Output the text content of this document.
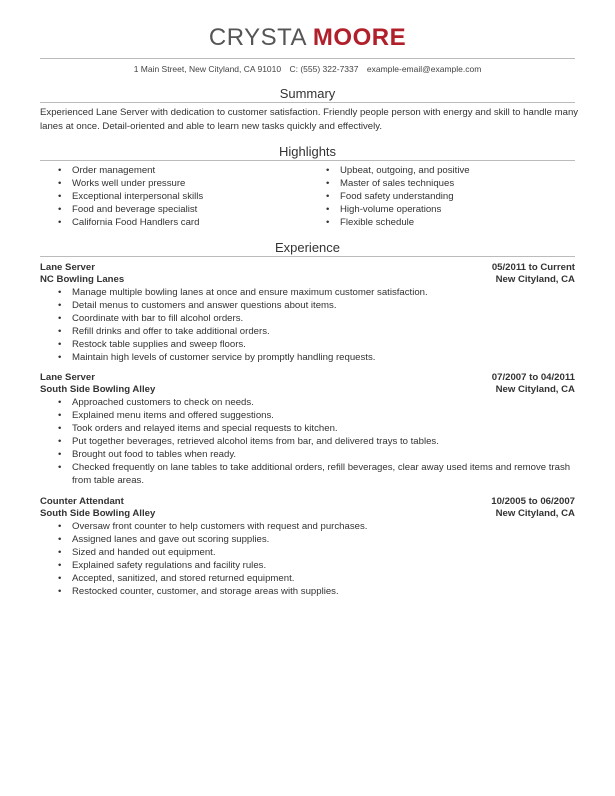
CRYSTA MOORE
1 Main Street, New Cityland, CA 91010 C: (555) 322-7337 example-email@example.com
Summary
Experienced Lane Server with dedication to customer satisfaction. Friendly people person with energy and skill to handle many lanes at once. Detail-oriented and able to learn new tasks quickly and effectively.
Highlights
• Order management
• Works well under pressure
• Exceptional interpersonal skills
• Food and beverage specialist
• California Food Handlers card
• Upbeat, outgoing, and positive
• Master of sales techniques
• Food safety understanding
• High-volume operations
• Flexible schedule
Experience
Lane Server	05/2011 to Current
NC Bowling Lanes	New Cityland, CA
• Manage multiple bowling lanes at once and ensure maximum customer satisfaction.
• Detail menus to customers and answer questions about items.
• Coordinate with bar to fill alcohol orders.
• Refill drinks and offer to take additional orders.
• Restock table supplies and sweep floors.
• Maintain high levels of customer service by promptly handling requests.
Lane Server	07/2007 to 04/2011
South Side Bowling Alley	New Cityland, CA
• Approached customers to check on needs.
• Explained menu items and offered suggestions.
• Took orders and relayed items and special requests to kitchen.
• Put together beverages, retrieved alcohol items from bar, and delivered trays to tables.
• Brought out food to tables when ready.
• Checked frequently on lane tables to take additional orders, refill beverages, clear away used items and remove trash from table areas.
Counter Attendant	10/2005 to 06/2007
South Side Bowling Alley	New Cityland, CA
• Oversaw front counter to help customers with request and purchases.
• Assigned lanes and gave out scoring supplies.
• Sized and handed out equipment.
• Explained safety regulations and facility rules.
• Accepted, sanitized, and stored returned equipment.
• Restocked counter, customer, and storage areas with supplies.
